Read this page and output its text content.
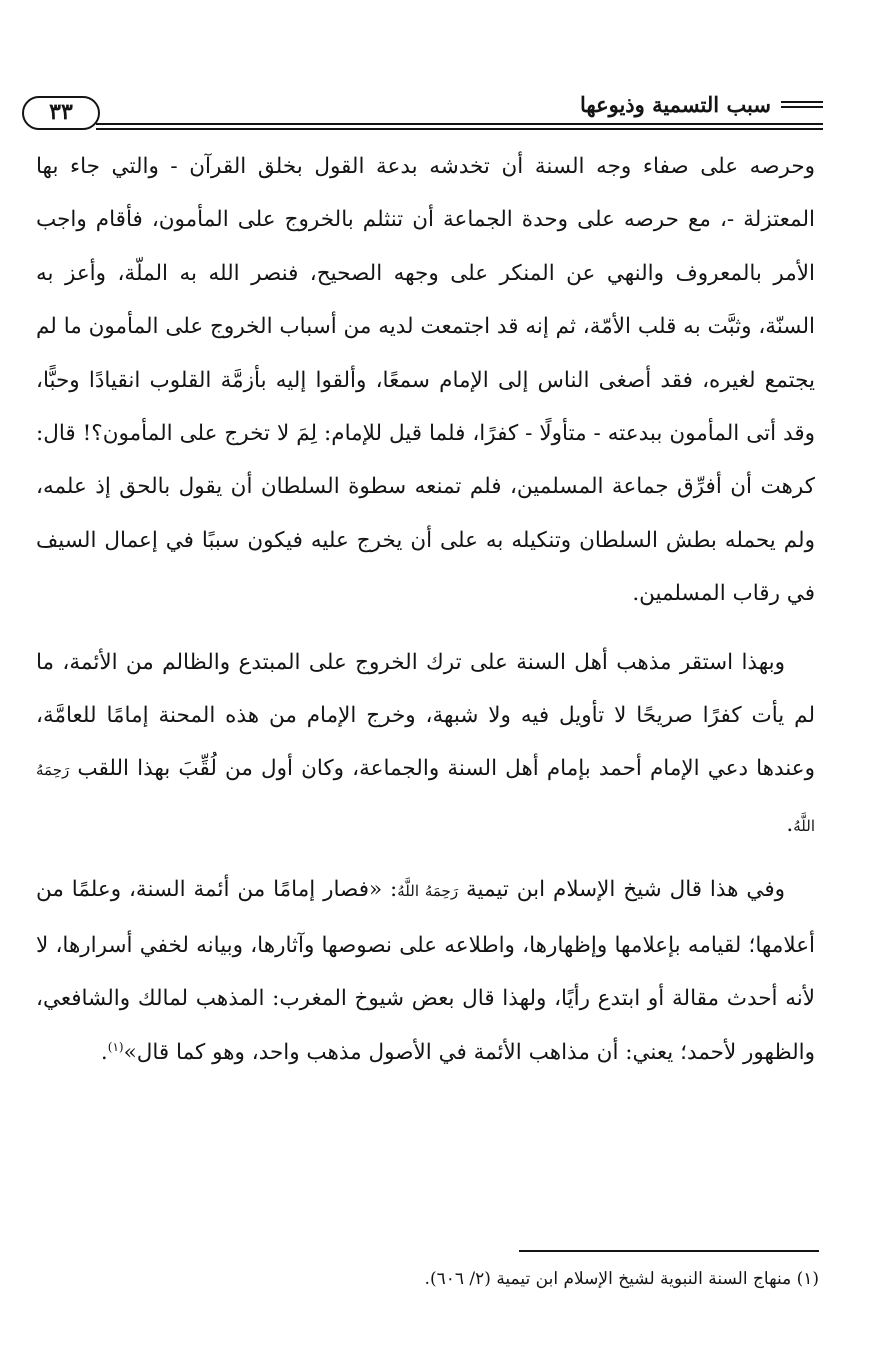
سبب التسمية وذيوعها
٣٣

وحرصه على صفاء وجه السنة أن تخدشه بدعة القول بخلق القرآن - والتي جاء بها المعتزلة -، مع حرصه على وحدة الجماعة أن تنثلم بالخروج على المأمون، فأقام واجب الأمر بالمعروف والنهي عن المنكر على وجهه الصحيح، فنصر الله به الملّة، وأعز به السنّة، وثبَّت به قلب الأمّة، ثم إنه قد اجتمعت لديه من أسباب الخروج على المأمون ما لم يجتمع لغيره، فقد أصغى الناس إلى الإمام سمعًا، وألقوا إليه بأزمَّة القلوب انقيادًا وحبًّا، وقد أتى المأمون ببدعته - متأولًا - كفرًا، فلما قيل للإمام: لِمَ لا تخرج على المأمون؟! قال: كرهت أن أفرِّق جماعة المسلمين، فلم تمنعه سطوة السلطان أن يقول بالحق إذ علمه، ولم يحمله بطش السلطان وتنكيله به على أن يخرج عليه فيكون سببًا في إعمال السيف في رقاب المسلمين.

وبهذا استقر مذهب أهل السنة على ترك الخروج على المبتدع والظالم من الأئمة، ما لم يأت كفرًا صريحًا لا تأويل فيه ولا شبهة، وخرج الإمام من هذه المحنة إمامًا للعامَّة، وعندها دعي الإمام أحمد بإمام أهل السنة والجماعة، وكان أول من لُقِّبَ بهذا اللقب رَحِمَهُ اللَّهُ.

وفي هذا قال شيخ الإسلام ابن تيمية رَحِمَهُ اللَّهُ: «فصار إمامًا من أئمة السنة، وعلمًا من أعلامها؛ لقيامه بإعلامها وإظهارها، واطلاعه على نصوصها وآثارها، وبيانه لخفي أسرارها، لا لأنه أحدث مقالة أو ابتدع رأيًا، ولهذا قال بعض شيوخ المغرب: المذهب لمالك والشافعي، والظهور لأحمد؛ يعني: أن مذاهب الأئمة في الأصول مذهب واحد، وهو كما قال»$^{(١)}$.

(١) منهاج السنة النبوية لشيخ الإسلام ابن تيمية (٢/ ٦٠٦).
